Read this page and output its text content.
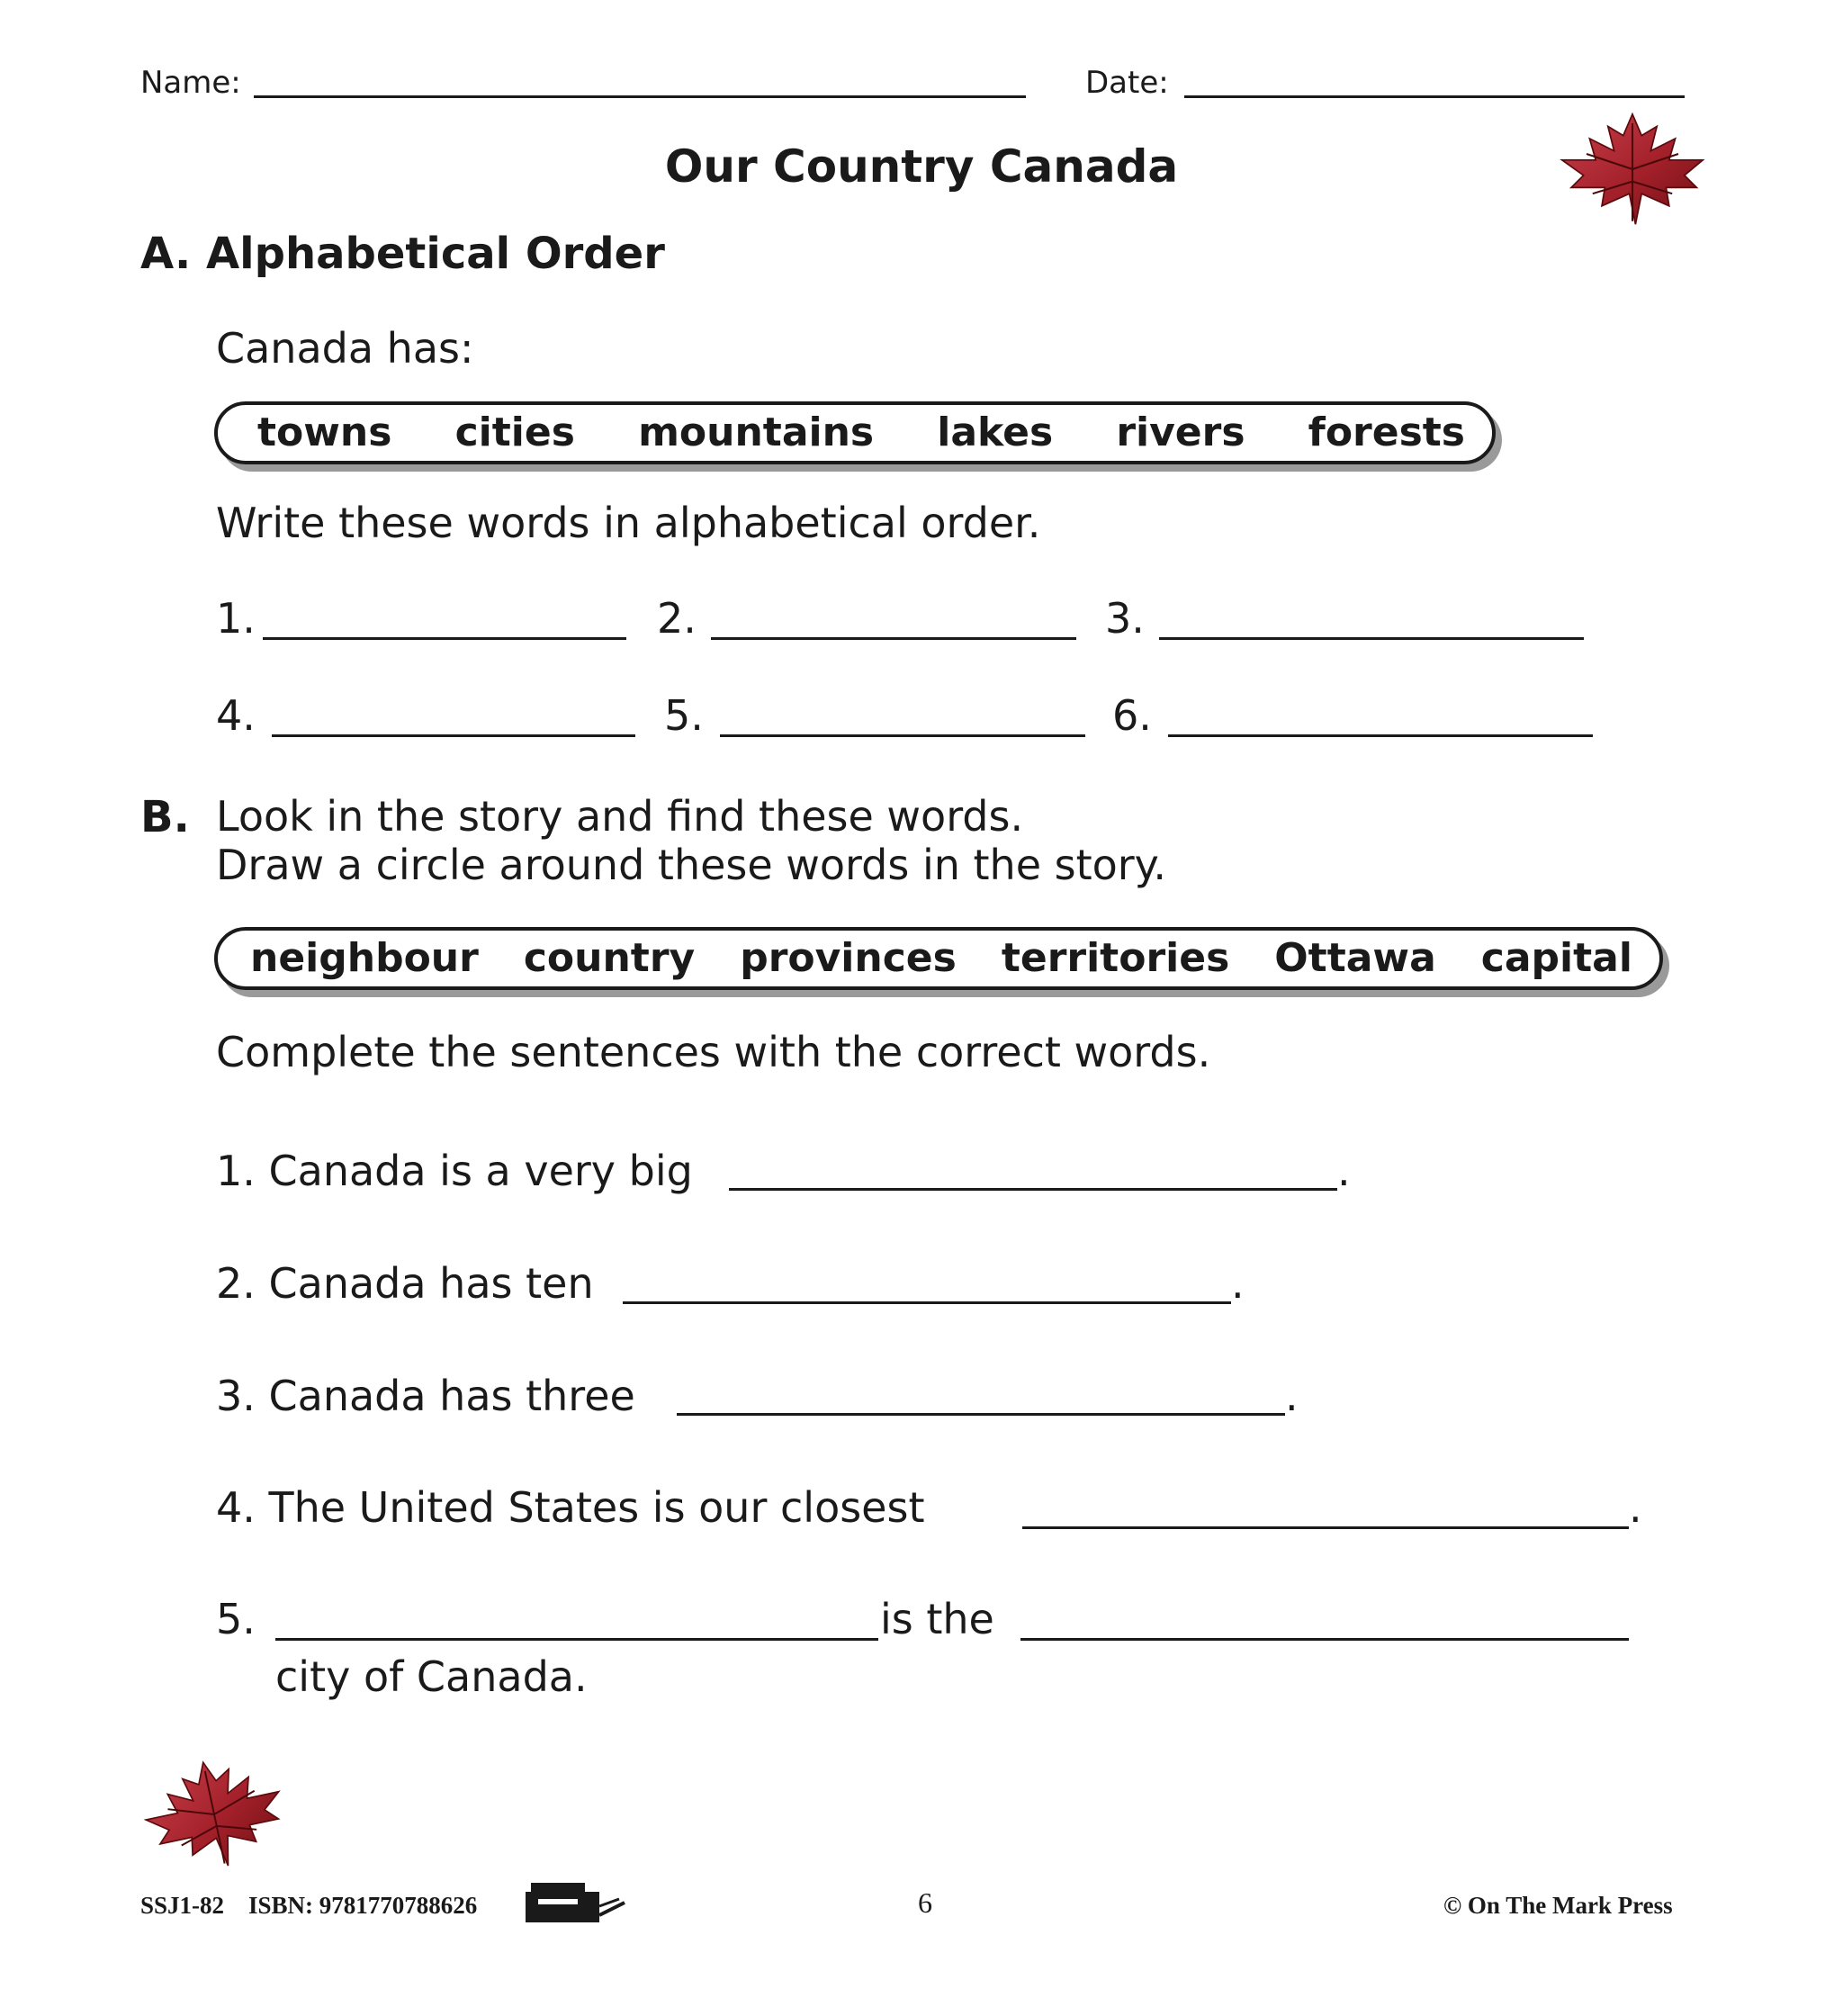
Name:	Date:
Our Country Canada
A. Alphabetical Order
Canada has:
towns cities mountains lakes rivers forests
Write these words in alphabetical order.
1.	2.	3.
4.	5.	6.
B. Look in the story and find these words.
Draw a circle around these words in the story.
neighbour country provinces territories Ottawa capital
Complete the sentences with the correct words.
1. Canada is a very big	.
2. Canada has ten	.
3. Canada has three	.
4. The United States is our closest	.
5.	is the
city of Canada.
SSJ1-82 ISBN: 9781770788626	6	© On The Mark Press
